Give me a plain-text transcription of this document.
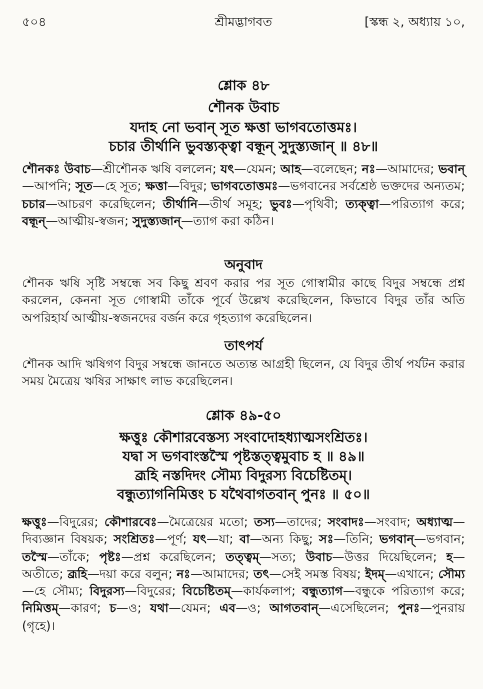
৫০৪	শ্রীমদ্ভাগবত	[স্কন্ধ ২, অধ্যায় ১০,
শ্লোক ৪৮
শৌনক উবাচ
যদাহ নো ভবান্ সূত ক্ষত্তা ভাগবতোত্তমঃ।
চচার তীর্থানি ভুবস্ত্যক্ত্বা বন্ধূন্ সুদুস্ত্যজান্ ॥ ৪৮॥

শৌনকঃ উবাচ—শ্রীশৌনক ঋষি বললেন; যৎ—যেমন; আহ—বলেছেন; নঃ—আমাদের; ভবান্—আপনি; সূত—হে সূত; ক্ষত্তা—বিদুর; ভাগবতোত্তমঃ—ভগবানের সর্বশ্রেষ্ঠ ভক্তদের অন্যতম; চচার—আচরণ করেছিলেন; তীর্থানি—তীর্থ সমূহ; ভুবঃ—পৃথিবী; ত্যক্ত্বা—পরিত্যাগ করে; বন্ধূন্—আত্মীয়-স্বজন; সুদুস্ত্যজান্—ত্যাগ করা কঠিন।

অনুবাদ

শৌনক ঋষি সৃষ্টি সম্বন্ধে সব কিছু শ্রবণ করার পর সূত গোস্বামীর কাছে বিদুর সম্বন্ধে প্রশ্ন করলেন, কেননা সূত গোস্বামী তাঁকে পূর্বে উল্লেখ করেছিলেন, কিভাবে বিদুর তাঁর অতি অপরিহার্য আত্মীয়-স্বজনদের বর্জন করে গৃহত্যাগ করেছিলেন।

তাৎপর্য

শৌনক আদি ঋষিগণ বিদুর সম্বন্ধে জানতে অত্যন্ত আগ্রহী ছিলেন, যে বিদুর তীর্থ পর্যটন করার সময় মৈত্রেয় ঋষির সাক্ষাৎ লাভ করেছিলেন।

শ্লোক ৪৯-৫০
ক্ষত্তুঃ কৌশারবেস্তস্য সংবাদোহধ্যাত্মসংশ্রিতঃ।
যদ্বা স ভগবাংস্তস্মৈ পৃষ্টস্তত্ত্বমুবাচ হ ॥ ৪৯॥
ব্রূহি নস্তদিদং সৌম্য বিদুরস্য বিচেষ্টিতম্।
বন্ধুত্যাগনিমিত্তং চ যথৈবাগতবান্ পুনঃ ॥ ৫০॥

ক্ষত্তুঃ—বিদুরের; কৌশারবেঃ—মৈত্রেয়ের মতো; তস্য—তাদের; সংবাদঃ—সংবাদ; অধ্যাত্ম—দিব্যজ্ঞান বিষয়ক; সংশ্রিতঃ—পূর্ণ; যৎ—যা; বা—অন্য কিছু; সঃ—তিনি; ভগবান্—ভগবান; তস্মৈ—তাঁকে; পৃষ্টঃ—প্রশ্ন করেছিলেন; তত্ত্বম্—সত্য; উবাচ—উত্তর দিয়েছিলেন; হ—অতীতে; ব্রূহি—দয়া করে বলুন; নঃ—আমাদের; তৎ—সেই সমস্ত বিষয়; ইদম্—এখানে; সৌম্য—হে সৌম্য; বিদুরস্য—বিদুরের; বিচেষ্টিতম্—কার্যকলাপ; বন্ধুত্যাগ—বন্ধুকে পরিত্যাগ করে; নিমিত্তম্—কারণ; চ—ও; যথা—যেমন; এব—ও; আগতবান্—এসেছিলেন; পুনঃ—পুনরায় (গৃহে)।
